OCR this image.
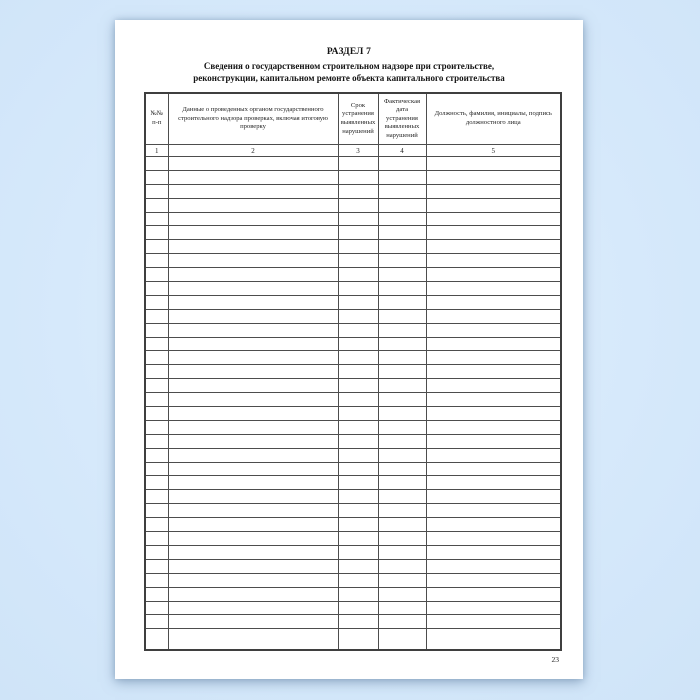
РАЗДЕЛ 7
Сведения о государственном строительном надзоре при строительстве,
реконструкции, капитальном ремонте объекта капитального строительства
№№ п-п	Данные о проведенных органом государственного строительного надзора проверках, включая итоговую проверку	Срок устранения выявленных нарушений	Фактическая дата устранения выявленных нарушений	Должность, фамилия, инициалы, подпись должностного лица
1	2	3	4	5

23
